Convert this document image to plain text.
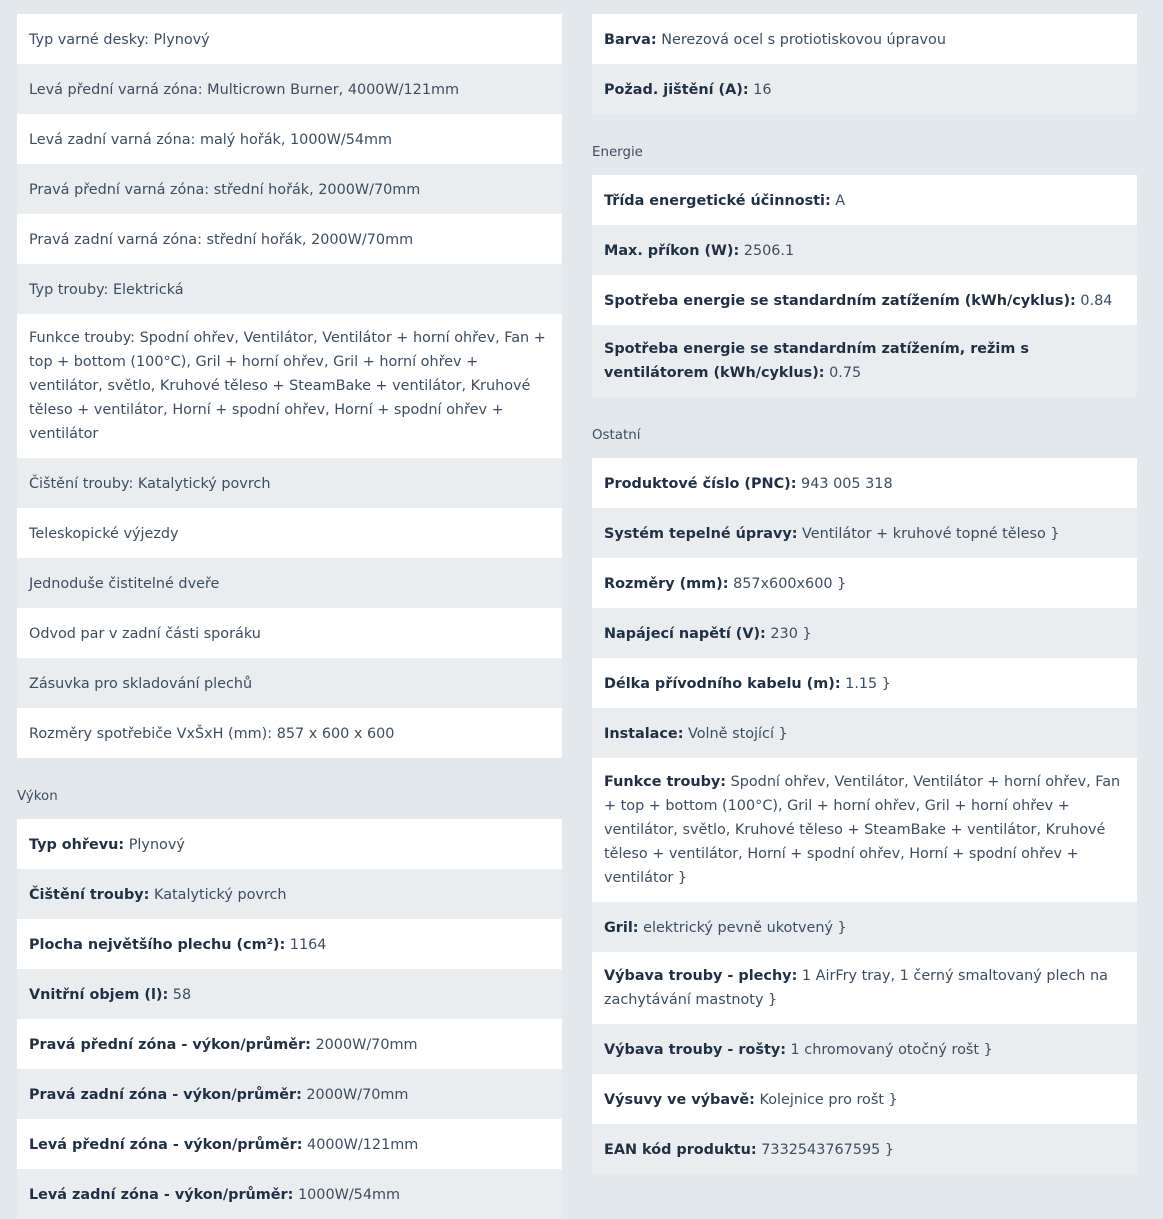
Typ varné desky: Plynový
Levá přední varná zóna: Multicrown Burner, 4000W/121mm
Levá zadní varná zóna: malý hořák, 1000W/54mm
Pravá přední varná zóna: střední hořák, 2000W/70mm
Pravá zadní varná zóna: střední hořák, 2000W/70mm
Typ trouby: Elektrická
Funkce trouby: Spodní ohřev, Ventilátor, Ventilátor + horní ohřev, Fan + top + bottom (100°C), Gril + horní ohřev, Gril + horní ohřev + ventilátor, světlo, Kruhové těleso + SteamBake + ventilátor, Kruhové těleso + ventilátor, Horní + spodní ohřev, Horní + spodní ohřev + ventilátor
Čištění trouby: Katalytický povrch
Teleskopické výjezdy
Jednoduše čistitelné dveře
Odvod par v zadní části sporáku
Zásuvka pro skladování plechů
Rozměry spotřebiče VxŠxH (mm): 857 x 600 x 600
Výkon
Typ ohřevu: Plynový
Čištění trouby: Katalytický povrch
Plocha největšího plechu (cm²): 1164
Vnitřní objem (l): 58
Pravá přední zóna - výkon/průměr: 2000W/70mm
Pravá zadní zóna - výkon/průměr: 2000W/70mm
Levá přední zóna - výkon/průměr: 4000W/121mm
Levá zadní zóna - výkon/průměr: 1000W/54mm
Barva: Nerezová ocel s protiotiskovou úpravou
Požad. jištění (A): 16
Energie
Třída energetické účinnosti: A
Max. příkon (W): 2506.1
Spotřeba energie se standardním zatížením (kWh/cyklus): 0.84
Spotřeba energie se standardním zatížením, režim s ventilátorem (kWh/cyklus): 0.75
Ostatní
Produktové číslo (PNC): 943 005 318
Systém tepelné úpravy: Ventilátor + kruhové topné těleso }
Rozměry (mm): 857x600x600 }
Napájecí napětí (V): 230 }
Délka přívodního kabelu (m): 1.15 }
Instalace: Volně stojící }
Funkce trouby: Spodní ohřev, Ventilátor, Ventilátor + horní ohřev, Fan + top + bottom (100°C), Gril + horní ohřev, Gril + horní ohřev + ventilátor, světlo, Kruhové těleso + SteamBake + ventilátor, Kruhové těleso + ventilátor, Horní + spodní ohřev, Horní + spodní ohřev + ventilátor }
Gril: elektrický pevně ukotvený }
Výbava trouby - plechy: 1 AirFry tray, 1 černý smaltovaný plech na zachytávání mastnoty }
Výbava trouby - rošty: 1 chromovaný otočný rošt }
Výsuvy ve výbavě: Kolejnice pro rošt }
EAN kód produktu: 7332543767595 }
